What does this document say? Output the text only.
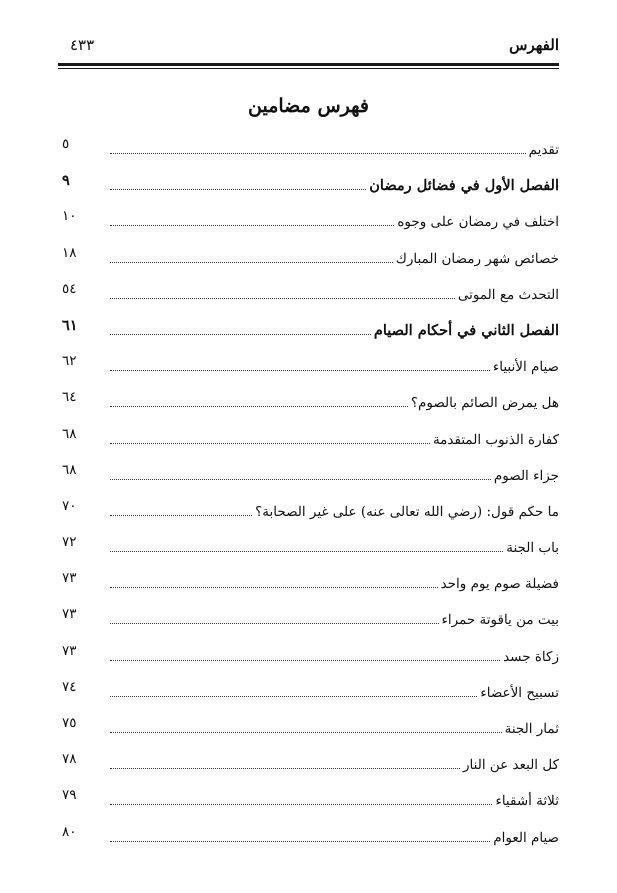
الفهرس
٤٣٣
فهرس مضامين
تقديم
٥
الفصل الأول في فضائل رمضان
٩
اختلف في رمضان على وجوه
١٠
خصائص شهر رمضان المبارك
١٨
التحدث مع الموتى
٥٤
الفصل الثاني في أحكام الصيام
٦١
صيام الأنبياء
٦٢
هل يمرض الصائم بالصوم؟
٦٤
كفارة الذنوب المتقدمة
٦٨
جزاء الصوم
٦٨
ما حكم قول: (رضي الله تعالى عنه) على غير الصحابة؟
٧٠
باب الجنة
٧٢
فضيلة صوم يوم واحد
٧٣
بيت من ياقوتة حمراء
٧٣
زكاة جسد
٧٣
تسبيح الأعضاء
٧٤
ثمار الجنة
٧٥
كل البعد عن النار
٧٨
ثلاثة أشقياء
٧٩
صيام العوام
٨٠
